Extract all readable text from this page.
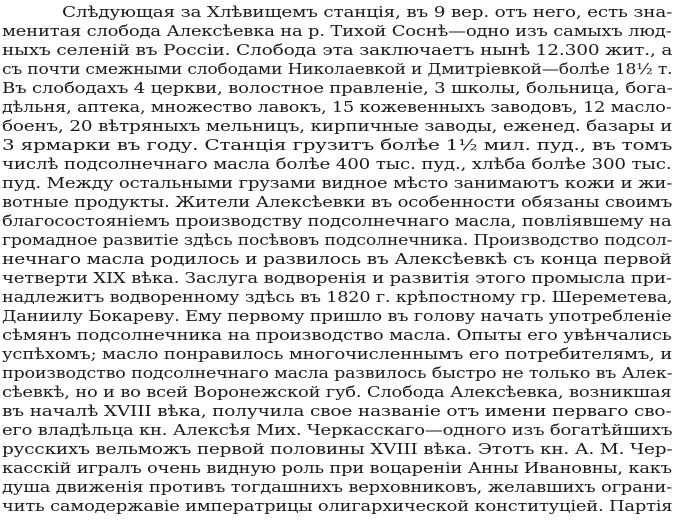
Слѣдующая за Хлѣвищемъ станція, въ 9 вер. отъ него, есть зна-
менитая слобода Алексѣевка на р. Тихой Соснѣ—одно изъ самыхъ люд-
ныхъ селеній въ Россіи. Слобода эта заключаетъ нынѣ 12.300 жит., а
съ почти смежными слободами Николаевкой и Дмитріевкой—болѣе 18½ т.
Въ слободахъ 4 церкви, волостное правленіе, 3 школы, больница, бога-
дѣльня, аптека, множество лавокъ, 15 кожевенныхъ заводовъ, 12 масло-
боенъ, 20 вѣтряныхъ мельницъ, кирпичные заводы, еженед. базары и
3 ярмарки въ году. Станція грузитъ болѣе 1½ мил. пуд., въ томъ
числѣ подсолнечнаго масла болѣе 400 тыс. пуд., хлѣба болѣе 300 тыс.
пуд. Между остальными грузами видное мѣсто занимаютъ кожи и жи-
вотные продукты. Жители Алексѣевки въ особенности обязаны своимъ
благосостояніемъ производству подсолнечнаго масла, повлiявшему на
громадное развитіе здѣсь посѣвовъ подсолнечника. Производство подсол-
нечнаго масла родилось и развилось въ Алексѣевкѣ съ конца первой
четверти XIX вѣка. Заслуга водворенія и развитія этого промысла при-
надлежитъ водворенному здѣсь въ 1820 г. крѣпостному гр. Шереметева,
Даниилу Бокареву. Ему первому пришло въ голову начать употребленіе
сѣмянъ подсолнечника на производство масла. Опыты его увѣнчались
успѣхомъ; масло понравилось многочисленнымъ его потребителямъ, и
производство подсолнечнаго масла развилось быстро не только въ Алек-
сѣевкѣ, но и во всей Воронежской губ. Слобода Алексѣевка, возникшая
въ началѣ XVIII вѣка, получила свое названіе отъ имени перваго сво-
его владѣльца кн. Алексѣя Мих. Черкасскаго—одного изъ богатѣйшихъ
русскихъ вельможъ первой половины XVIII вѣка. Этотъ кн. А. М. Чер-
касскій игралъ очень видную роль при воцареніи Анны Ивановны, какъ
душа движенія противъ тогдашнихъ верховниковъ, желавшихъ ограни-
чить самодержавіе императрицы олигархической конституціей. Партія
